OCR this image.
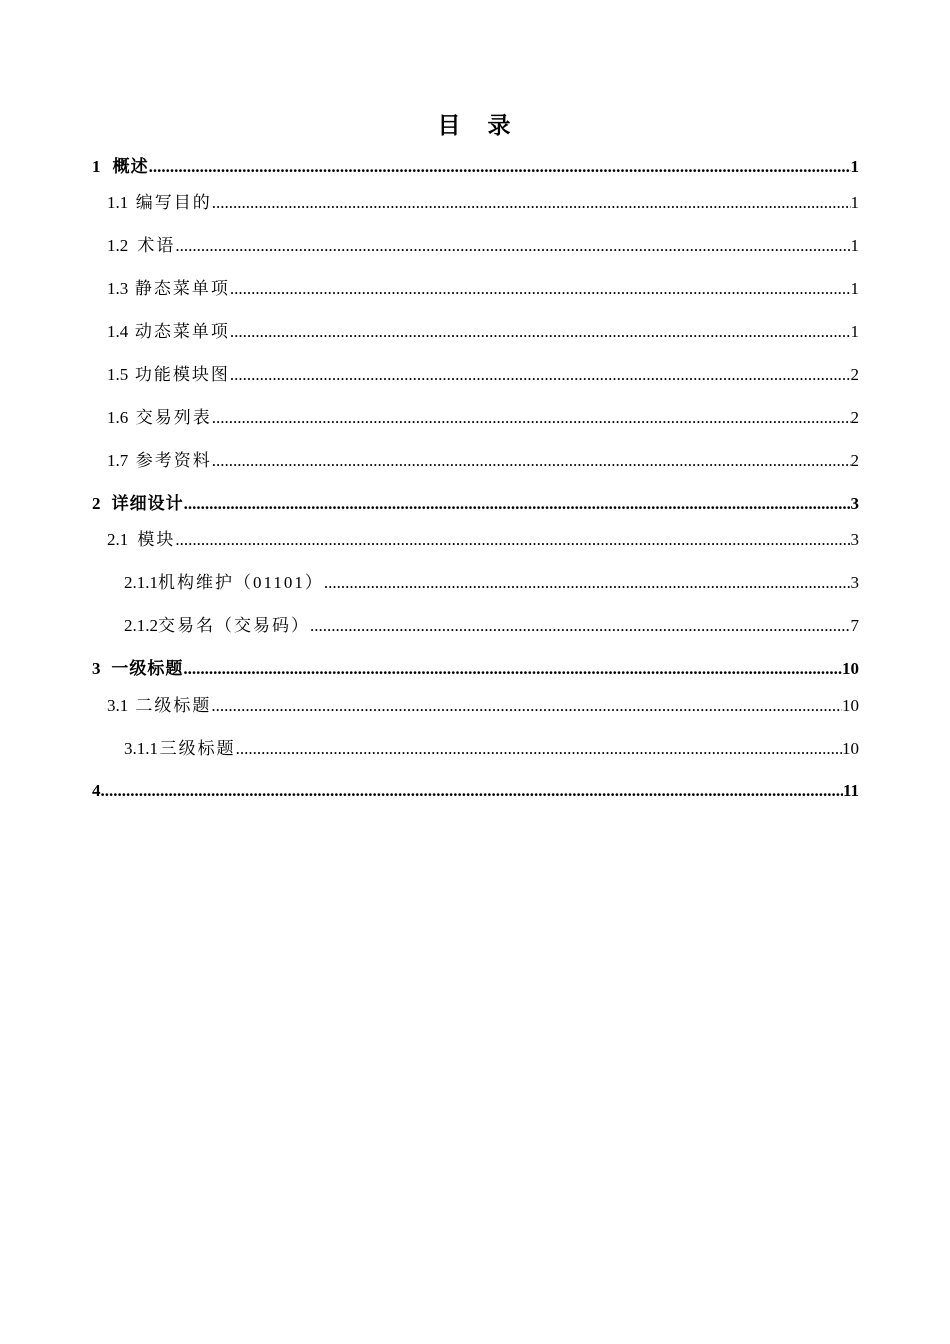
目　录
1 概述 .....	1
1.1 编写目的 .....	1
1.2 术语 .....	1
1.3 静态菜单项 .....	1
1.4 动态菜单项 .....	1
1.5 功能模块图 .....	2
1.6 交易列表 .....	2
1.7 参考资料 .....	2
2 详细设计 .....	3
2.1 模块 .....	3
2.1.1 机构维护（01101） .....	3
2.1.2 交易名（交易码） .....	7
3 一级标题 .....	10
3.1 二级标题 .....	10
3.1.1 三级标题 .....	10
4 .....	11
